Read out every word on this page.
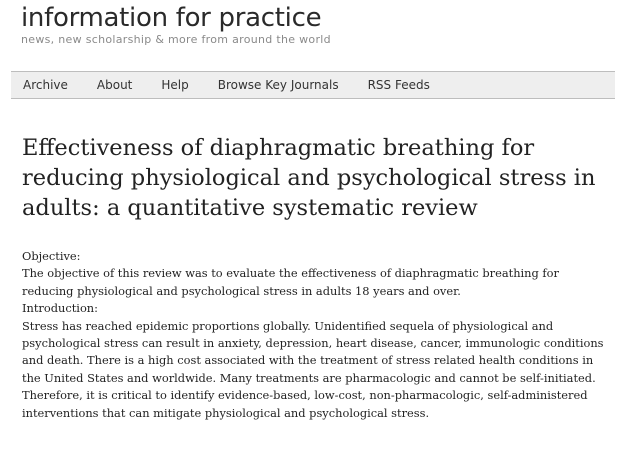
information for practice
news, new scholarship & more from around the world
Archive About Help Browse Key Journals RSS Feeds
Effectiveness of diaphragmatic breathing for reducing physiological and psychological stress in adults: a quantitative systematic review

Objective:

The objective of this review was to evaluate the effectiveness of diaphragmatic breathing for reducing physiological and psychological stress in adults 18 years and over.

Introduction:

Stress has reached epidemic proportions globally. Unidentified sequela of physiological and psychological stress can result in anxiety, depression, heart disease, cancer, immunologic conditions and death. There is a high cost associated with the treatment of stress related health conditions in the United States and worldwide. Many treatments are pharmacologic and cannot be self-initiated. Therefore, it is critical to identify evidence-based, low-cost, non-pharmacologic, self-administered interventions that can mitigate physiological and psychological stress.
